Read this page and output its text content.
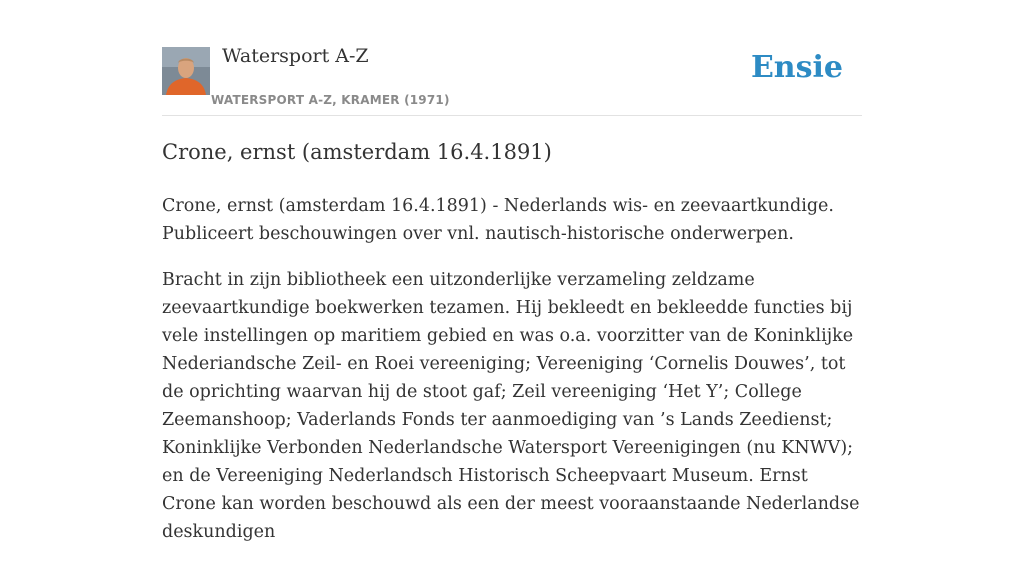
Watersport A-Z
WATERSPORT A-Z, KRAMER (1971)
Ensie
Crone, ernst (amsterdam 16.4.1891)

Crone, ernst (amsterdam 16.4.1891) - Nederlands wis- en zeevaartkundige. Publiceert beschouwingen over vnl. nautisch-historische onderwerpen.

Bracht in zijn bibliotheek een uitzonderlijke verzameling zeldzame zeevaartkundige boekwerken tezamen. Hij bekleedt en bekleedde functies bij vele instellingen op maritiem gebied en was o.a. voorzitter van de Koninklijke Nederiandsche Zeil- en Roei vereeniging; Vereeniging ‘Cornelis Douwes’, tot de oprichting waarvan hij de stoot gaf; Zeil vereeniging ‘Het Y’; College Zeemanshoop; Vaderlands Fonds ter aanmoediging van ’s Lands Zeedienst; Koninklijke Verbonden Nederlandsche Watersport Vereenigingen (nu KNWV); en de Vereeniging Nederlandsch Historisch Scheepvaart Museum. Ernst Crone kan worden beschouwd als een der meest vooraanstaande Nederlandse deskundigen
